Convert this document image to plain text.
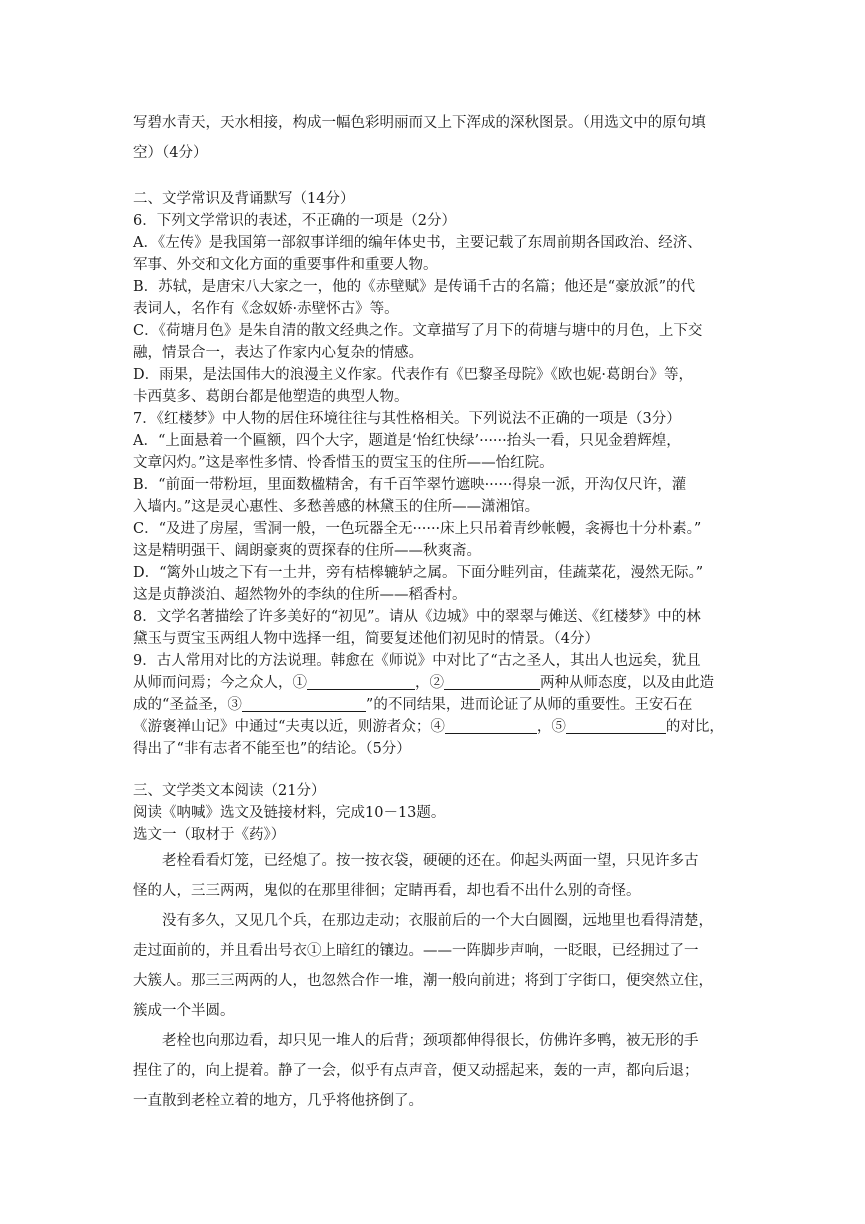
写碧水青天，天水相接，构成一幅色彩明丽而又上下浑成的深秋图景。（用选文中的原句填
空）（4分）
二、文学常识及背诵默写（14分）
6．下列文学常识的表述，不正确的一项是（2分）
A．《左传》是我国第一部叙事详细的编年体史书，主要记载了东周前期各国政治、经济、
军事、外交和文化方面的重要事件和重要人物。
B．苏轼，是唐宋八大家之一，他的《赤壁赋》是传诵千古的名篇；他还是“豪放派”的代
表词人，名作有《念奴娇·赤壁怀古》等。
C．《荷塘月色》是朱自清的散文经典之作。文章描写了月下的荷塘与塘中的月色，上下交
融，情景合一，表达了作家内心复杂的情感。
D．雨果，是法国伟大的浪漫主义作家。代表作有《巴黎圣母院》《欧也妮·葛朗台》等，
卡西莫多、葛朗台都是他塑造的典型人物。
7．《红楼梦》中人物的居住环境往往与其性格相关。下列说法不正确的一项是（3分）
A．“上面悬着一个匾额，四个大字，题道是‘怡红快绿’······抬头一看，只见金碧辉煌，
文章闪灼。”这是率性多情、怜香惜玉的贾宝玉的住所——怡红院。
B．“前面一带粉垣，里面数楹精舍，有千百竿翠竹遮映······得泉一派，开沟仅尺许，灌
入墙内。”这是灵心惠性、多愁善感的林黛玉的住所——潇湘馆。
C．“及进了房屋，雪洞一般，一色玩器全无······床上只吊着青纱帐幔，衾褥也十分朴素。”
这是精明强干、阔朗豪爽的贾探春的住所——秋爽斋。
D．“篱外山坡之下有一土井，旁有桔槔辘轳之属。下面分畦列亩，佳蔬菜花，漫然无际。”
这是贞静淡泊、超然物外的李纨的住所——稻香村。
8．文学名著描绘了许多美好的“初见”。请从《边城》中的翠翠与傩送、《红楼梦》中的林
黛玉与贾宝玉两组人物中选择一组，简要复述他们初见时的情景。（4分）
9．古人常用对比的方法说理。韩愈在《师说》中对比了“古之圣人，其出人也远矣，犹且
从师而问焉；今之众人，①	，②	两种从师态度，以及由此造
成的“圣益圣，③	”的不同结果，进而论证了从师的重要性。王安石在
《游褒禅山记》中通过“夫夷以近，则游者众；④	，⑤	的对比，
得出了“非有志者不能至也”的结论。（5分）
三、文学类文本阅读（21分）
阅读《呐喊》选文及链接材料，完成10－13题。
选文一（取材于《药》）
老栓看看灯笼，已经熄了。按一按衣袋，硬硬的还在。仰起头两面一望，只见许多古
怪的人，三三两两，鬼似的在那里徘徊；定睛再看，却也看不出什么别的奇怪。
没有多久，又见几个兵，在那边走动；衣服前后的一个大白圆圈，远地里也看得清楚，
走过面前的，并且看出号衣①上暗红的镶边。——一阵脚步声响，一眨眼，已经拥过了一
大簇人。那三三两两的人，也忽然合作一堆，潮一般向前进；将到丁字街口，便突然立住，
簇成一个半圆。
老栓也向那边看，却只见一堆人的后背；颈项都伸得很长，仿佛许多鸭，被无形的手
捏住了的，向上提着。静了一会，似乎有点声音，便又动摇起来，轰的一声，都向后退；
一直散到老栓立着的地方，几乎将他挤倒了。
